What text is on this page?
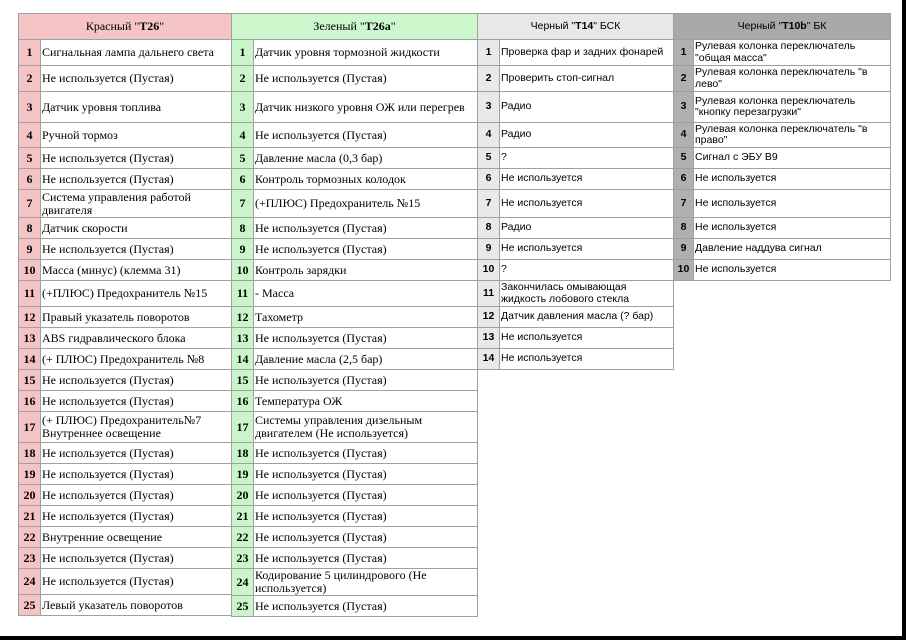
Красный "T26"	
1	Сигнальная лампа дальнего света
2	Не используется (Пустая)
3	Датчик уровня топлива
4	Ручной тормоз
5	Не используется (Пустая)
6	Не используется (Пустая)
7	Система управления работой двигателя
8	Датчик скорости
9	Не используется (Пустая)
10	Масса (минус) (клемма 31)
11	(+ПЛЮС) Предохранитель №15
12	Правый указатель поворотов
13	ABS гидравлического блока
14	(+ ПЛЮС) Предохранитель №8
15	Не используется (Пустая)
16	Не используется (Пустая)
17	(+ ПЛЮС) Предохранитель№7 Внутреннее освещение
18	Не используется (Пустая)
19	Не используется (Пустая)
20	Не используется (Пустая)
21	Не используется (Пустая)
22	Внутренние освещение
23	Не используется (Пустая)
24	Не используется (Пустая)
25	Левый указатель поворотов
Зеленый "T26a"	
1	Датчик уровня тормозной жидкости
2	Не используется (Пустая)
3	Датчик низкого уровня ОЖ или перегрев
4	Не используется (Пустая)
5	Давление масла (0,3 бар)
6	Контроль тормозных колодок
7	(+ПЛЮС) Предохранитель №15
8	Не используется (Пустая)
9	Не используется (Пустая)
10	Контроль зарядки
11	- Масса
12	Тахометр
13	Не используется (Пустая)
14	Давление масла (2,5 бар)
15	Не используется (Пустая)
16	Температура ОЖ
17	Системы управления дизельным двигателем (Не используется)
18	Не используется (Пустая)
19	Не используется (Пустая)
20	Не используется (Пустая)
21	Не используется (Пустая)
22	Не используется (Пустая)
23	Не используется (Пустая)
24	Кодирование 5 цилиндрового (Не используется)
25	Не используется (Пустая)
Черный "T14" БСК	
1	Проверка фар и задних фонарей
2	Проверить стоп-сигнал
3	Радио
4	Радио
5	?
6	Не используется
7	Не используется
8	Радио
9	Не используется
10	?
11	Закончилась омывающая жидкость лобового стекла
12	Датчик давления масла (? бар)
13	Не используется
14	Не используется
Черный "T10b" БК	
1	Рулевая колонка переключатель "общая масса"
2	Рулевая колонка переключатель "в лево"
3	Рулевая колонка переключатель "кнопку перезагрузки"
4	Рулевая колонка переключатель "в право"
5	Сигнал с ЭБУ В9
6	Не используется
7	Не используется
8	Не используется
9	Давление наддува сигнал
10	Не используется
